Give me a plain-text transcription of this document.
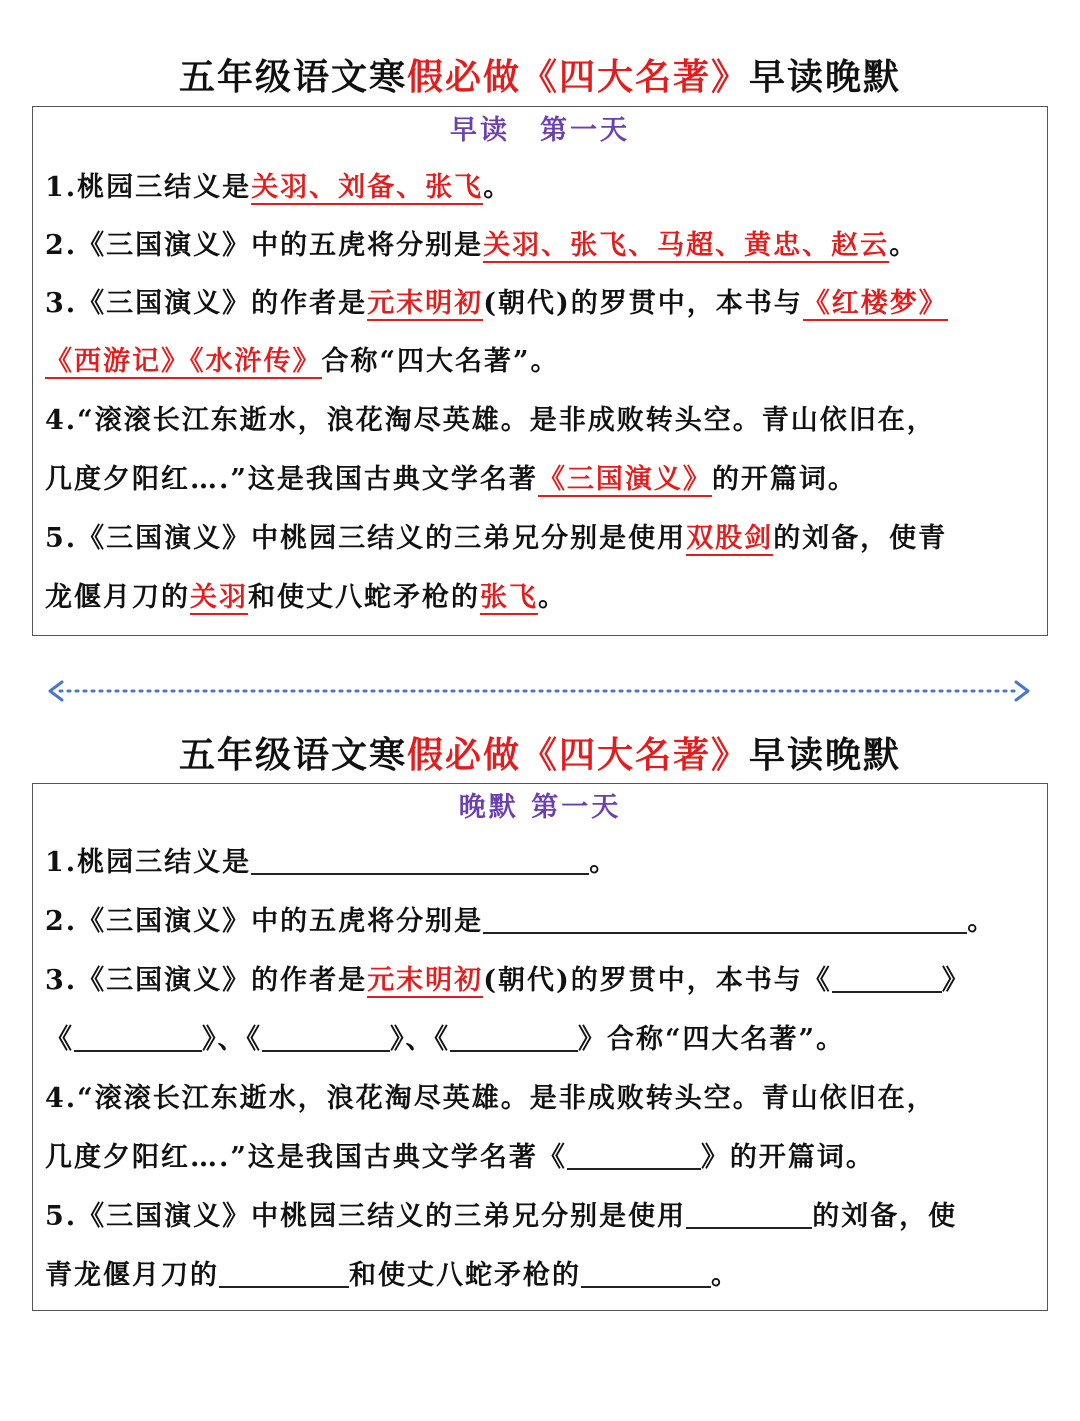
五年级语文寒假必做《四大名著》早读晚默
早读　第一天
1.桃园三结义是关羽、刘备、张飞。
2.《三国演义》中的五虎将分别是关羽、张飞、马超、黄忠、赵云。
3.《三国演义》的作者是元末明初(朝代)的罗贯中，本书与《红楼梦》
《西游记》《水浒传》合称“四大名著”。
4.“滚滚长江东逝水，浪花淘尽英雄。是非成败转头空。青山依旧在，
几度夕阳红….”这是我国古典文学名著《三国演义》的开篇词。
5.《三国演义》中桃园三结义的三弟兄分别是使用双股剑的刘备，使青
龙偃月刀的关羽和使丈八蛇矛枪的张飞。
五年级语文寒假必做《四大名著》早读晚默
晚默 第一天
1.桃园三结义是	。
2.《三国演义》中的五虎将分别是	。
3.《三国演义》的作者是元末明初(朝代)的罗贯中，本书与《	》
《	》、《	》、《	》合称“四大名著”。
4.“滚滚长江东逝水，浪花淘尽英雄。是非成败转头空。青山依旧在，
几度夕阳红….”这是我国古典文学名著《	》的开篇词。
5.《三国演义》中桃园三结义的三弟兄分别是使用	的刘备，使
青龙偃月刀的	和使丈八蛇矛枪的	。
